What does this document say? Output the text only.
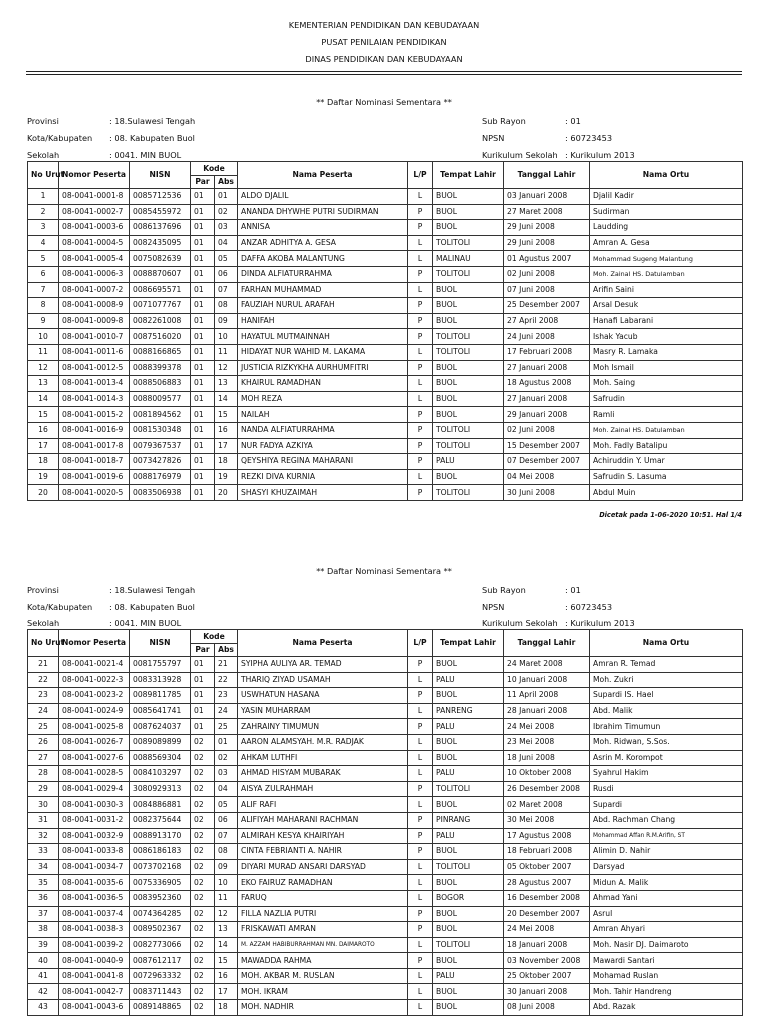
KEMENTERIAN PENDIDIKAN DAN KEBUDAYAAN
PUSAT PENILAIAN PENDIDIKAN
DINAS PENDIDIKAN DAN KEBUDAYAAN
** Daftar Nominasi Sementara **
Provinsi	: 18.Sulawesi Tengah
Kota/Kabupaten : 08. Kabupaten Buol
Sekolah	: 0041. MIN BUOL
Sub Rayon	: 01
NPSN	: 60723453
Kurikulum Sekolah : Kurikulum 2013
No Urut	Nomor Peserta	NISN	Kode		Nama Peserta	L/P	Tempat Lahir	Tanggal Lahir	Nama Ortu
			Par	Abs					
1	08-0041-0001-8	0085712536	01	01	ALDO DJALIL	L	BUOL	03 Januari 2008	Djalil Kadir
2	08-0041-0002-7	0085455972	01	02	ANANDA DHYWHE PUTRI SUDIRMAN	P	BUOL	27 Maret 2008	Sudirman
3	08-0041-0003-6	0086137696	01	03	ANNISA	P	BUOL	29 Juni 2008	Laudding
4	08-0041-0004-5	0082435095	01	04	ANZAR ADHITYA A. GESA	L	TOLITOLI	29 Juni 2008	Amran A. Gesa
5	08-0041-0005-4	0075082639	01	05	DAFFA AKOBA MALANTUNG	L	MALINAU	01 Agustus 2007	Mohammad Sugeng Malantung
6	08-0041-0006-3	0088870607	01	06	DINDA ALFIATURRAHMA	P	TOLITOLI	02 Juni 2008	Moh. Zainal HS. Datulamban
7	08-0041-0007-2	0086695571	01	07	FARHAN MUHAMMAD	L	BUOL	07 Juni 2008	Arifin Saini
8	08-0041-0008-9	0071077767	01	08	FAUZIAH NURUL ARAFAH	P	BUOL	25 Desember 2007	Arsal Desuk
9	08-0041-0009-8	0082261008	01	09	HANIFAH	P	BUOL	27 April 2008	Hanafi Labarani
10	08-0041-0010-7	0087516020	01	10	HAYATUL MUTMAINNAH	P	TOLITOLI	24 Juni 2008	Ishak Yacub
11	08-0041-0011-6	0088166865	01	11	HIDAYAT NUR WAHID M. LAKAMA	L	TOLITOLI	17 Februari 2008	Masry R. Lamaka
12	08-0041-0012-5	0088399378	01	12	JUSTICIA RIZKYKHA AURHUMFITRI	P	BUOL	27 Januari 2008	Moh Ismail
13	08-0041-0013-4	0088506883	01	13	KHAIRUL RAMADHAN	L	BUOL	18 Agustus 2008	Moh. Saing
14	08-0041-0014-3	0088009577	01	14	MOH REZA	L	BUOL	27 Januari 2008	Safrudin
15	08-0041-0015-2	0081894562	01	15	NAILAH	P	BUOL	29 Januari 2008	Ramli
16	08-0041-0016-9	0081530348	01	16	NANDA ALFIATURRAHMA	P	TOLITOLI	02 Juni 2008	Moh. Zainal HS. Datulamban
17	08-0041-0017-8	0079367537	01	17	NUR FADYA AZKIYA	P	TOLITOLI	15 Desember 2007	Moh. Fadly Batalipu
18	08-0041-0018-7	0073427826	01	18	QEYSHIYA REGINA MAHARANI	P	PALU	07 Desember 2007	Achiruddin Y. Umar
19	08-0041-0019-6	0088176979	01	19	REZKI DIVA KURNIA	L	BUOL	04 Mei 2008	Safrudin S. Lasuma
20	08-0041-0020-5	0083506938	01	20	SHASYI KHUZAIMAH	P	TOLITOLI	30 Juni 2008	Abdul Muin
Dicetak pada 1-06-2020 10:51. Hal 1/4
** Daftar Nominasi Sementara **
Provinsi	: 18.Sulawesi Tengah
Kota/Kabupaten : 08. Kabupaten Buol
Sekolah	: 0041. MIN BUOL
Sub Rayon	: 01
NPSN	: 60723453
Kurikulum Sekolah : Kurikulum 2013
No Urut	Nomor Peserta	NISN	Kode		Nama Peserta	L/P	Tempat Lahir	Tanggal Lahir	Nama Ortu
			Par	Abs					
21	08-0041-0021-4	0081755797	01	21	SYIPHA AULIYA AR. TEMAD	P	BUOL	24 Maret 2008	Amran R. Temad
22	08-0041-0022-3	0083313928	01	22	THARIQ ZIYAD USAMAH	L	PALU	10 Januari 2008	Moh. Zukri
23	08-0041-0023-2	0089811785	01	23	USWHATUN HASANA	P	BUOL	11 April 2008	Supardi IS. Hael
24	08-0041-0024-9	0085641741	01	24	YASIN MUHARRAM	L	PANRENG	28 Januari 2008	Abd. Malik
25	08-0041-0025-8	0087624037	01	25	ZAHRAINY TIMUMUN	P	PALU	24 Mei 2008	Ibrahim Timumun
26	08-0041-0026-7	0089089899	02	01	AARON ALAMSYAH. M.R. RADJAK	L	BUOL	23 Mei 2008	Moh. Ridwan, S.Sos.
27	08-0041-0027-6	0088569304	02	02	AHKAM LUTHFI	L	BUOL	18 Juni 2008	Asrin M. Korompot
28	08-0041-0028-5	0084103297	02	03	AHMAD HISYAM MUBARAK	L	PALU	10 Oktober 2008	Syahrul Hakim
29	08-0041-0029-4	3080929313	02	04	AISYA ZULRAHMAH	P	TOLITOLI	26 Desember 2008	Rusdi
30	08-0041-0030-3	0084886881	02	05	ALIF RAFI	L	BUOL	02 Maret 2008	Supardi
31	08-0041-0031-2	0082375644	02	06	ALIFIYAH MAHARANI RACHMAN	P	PINRANG	30 Mei 2008	Abd. Rachman Chang
32	08-0041-0032-9	0088913170	02	07	ALMIRAH KESYA KHAIRIYAH	P	PALU	17 Agustus 2008	Mohammad Affan R.M.Arifin, ST
33	08-0041-0033-8	0086186183	02	08	CINTA FEBRIANTI A. NAHIR	P	BUOL	18 Februari 2008	Alimin D. Nahir
34	08-0041-0034-7	0073702168	02	09	DIYARI MURAD ANSARI DARSYAD	L	TOLITOLI	05 Oktober 2007	Darsyad
35	08-0041-0035-6	0075336905	02	10	EKO FAIRUZ RAMADHAN	L	BUOL	28 Agustus 2007	Midun A. Malik
36	08-0041-0036-5	0083952360	02	11	FARUQ	L	BOGOR	16 Desember 2008	Ahmad Yani
37	08-0041-0037-4	0074364285	02	12	FILLA NAZLIA PUTRI	P	BUOL	20 Desember 2007	Asrul
38	08-0041-0038-3	0089502367	02	13	FRISKAWATI AMRAN	P	BUOL	24 Mei 2008	Amran Ahyari
39	08-0041-0039-2	0082773066	02	14	M. AZZAM HABIBURRAHMAN MN. DAIMAROTO	L	TOLITOLI	18 Januari 2008	Moh. Nasir DJ. Daimaroto
40	08-0041-0040-9	0087612117	02	15	MAWADDA RAHMA	P	BUOL	03 November 2008	Mawardi Santari
41	08-0041-0041-8	0072963332	02	16	MOH. AKBAR M. RUSLAN	L	PALU	25 Oktober 2007	Mohamad Ruslan
42	08-0041-0042-7	0083711443	02	17	MOH. IKRAM	L	BUOL	30 Januari 2008	Moh. Tahir Handreng
43	08-0041-0043-6	0089148865	02	18	MOH. NADHIR	L	BUOL	08 Juni 2008	Abd. Razak
